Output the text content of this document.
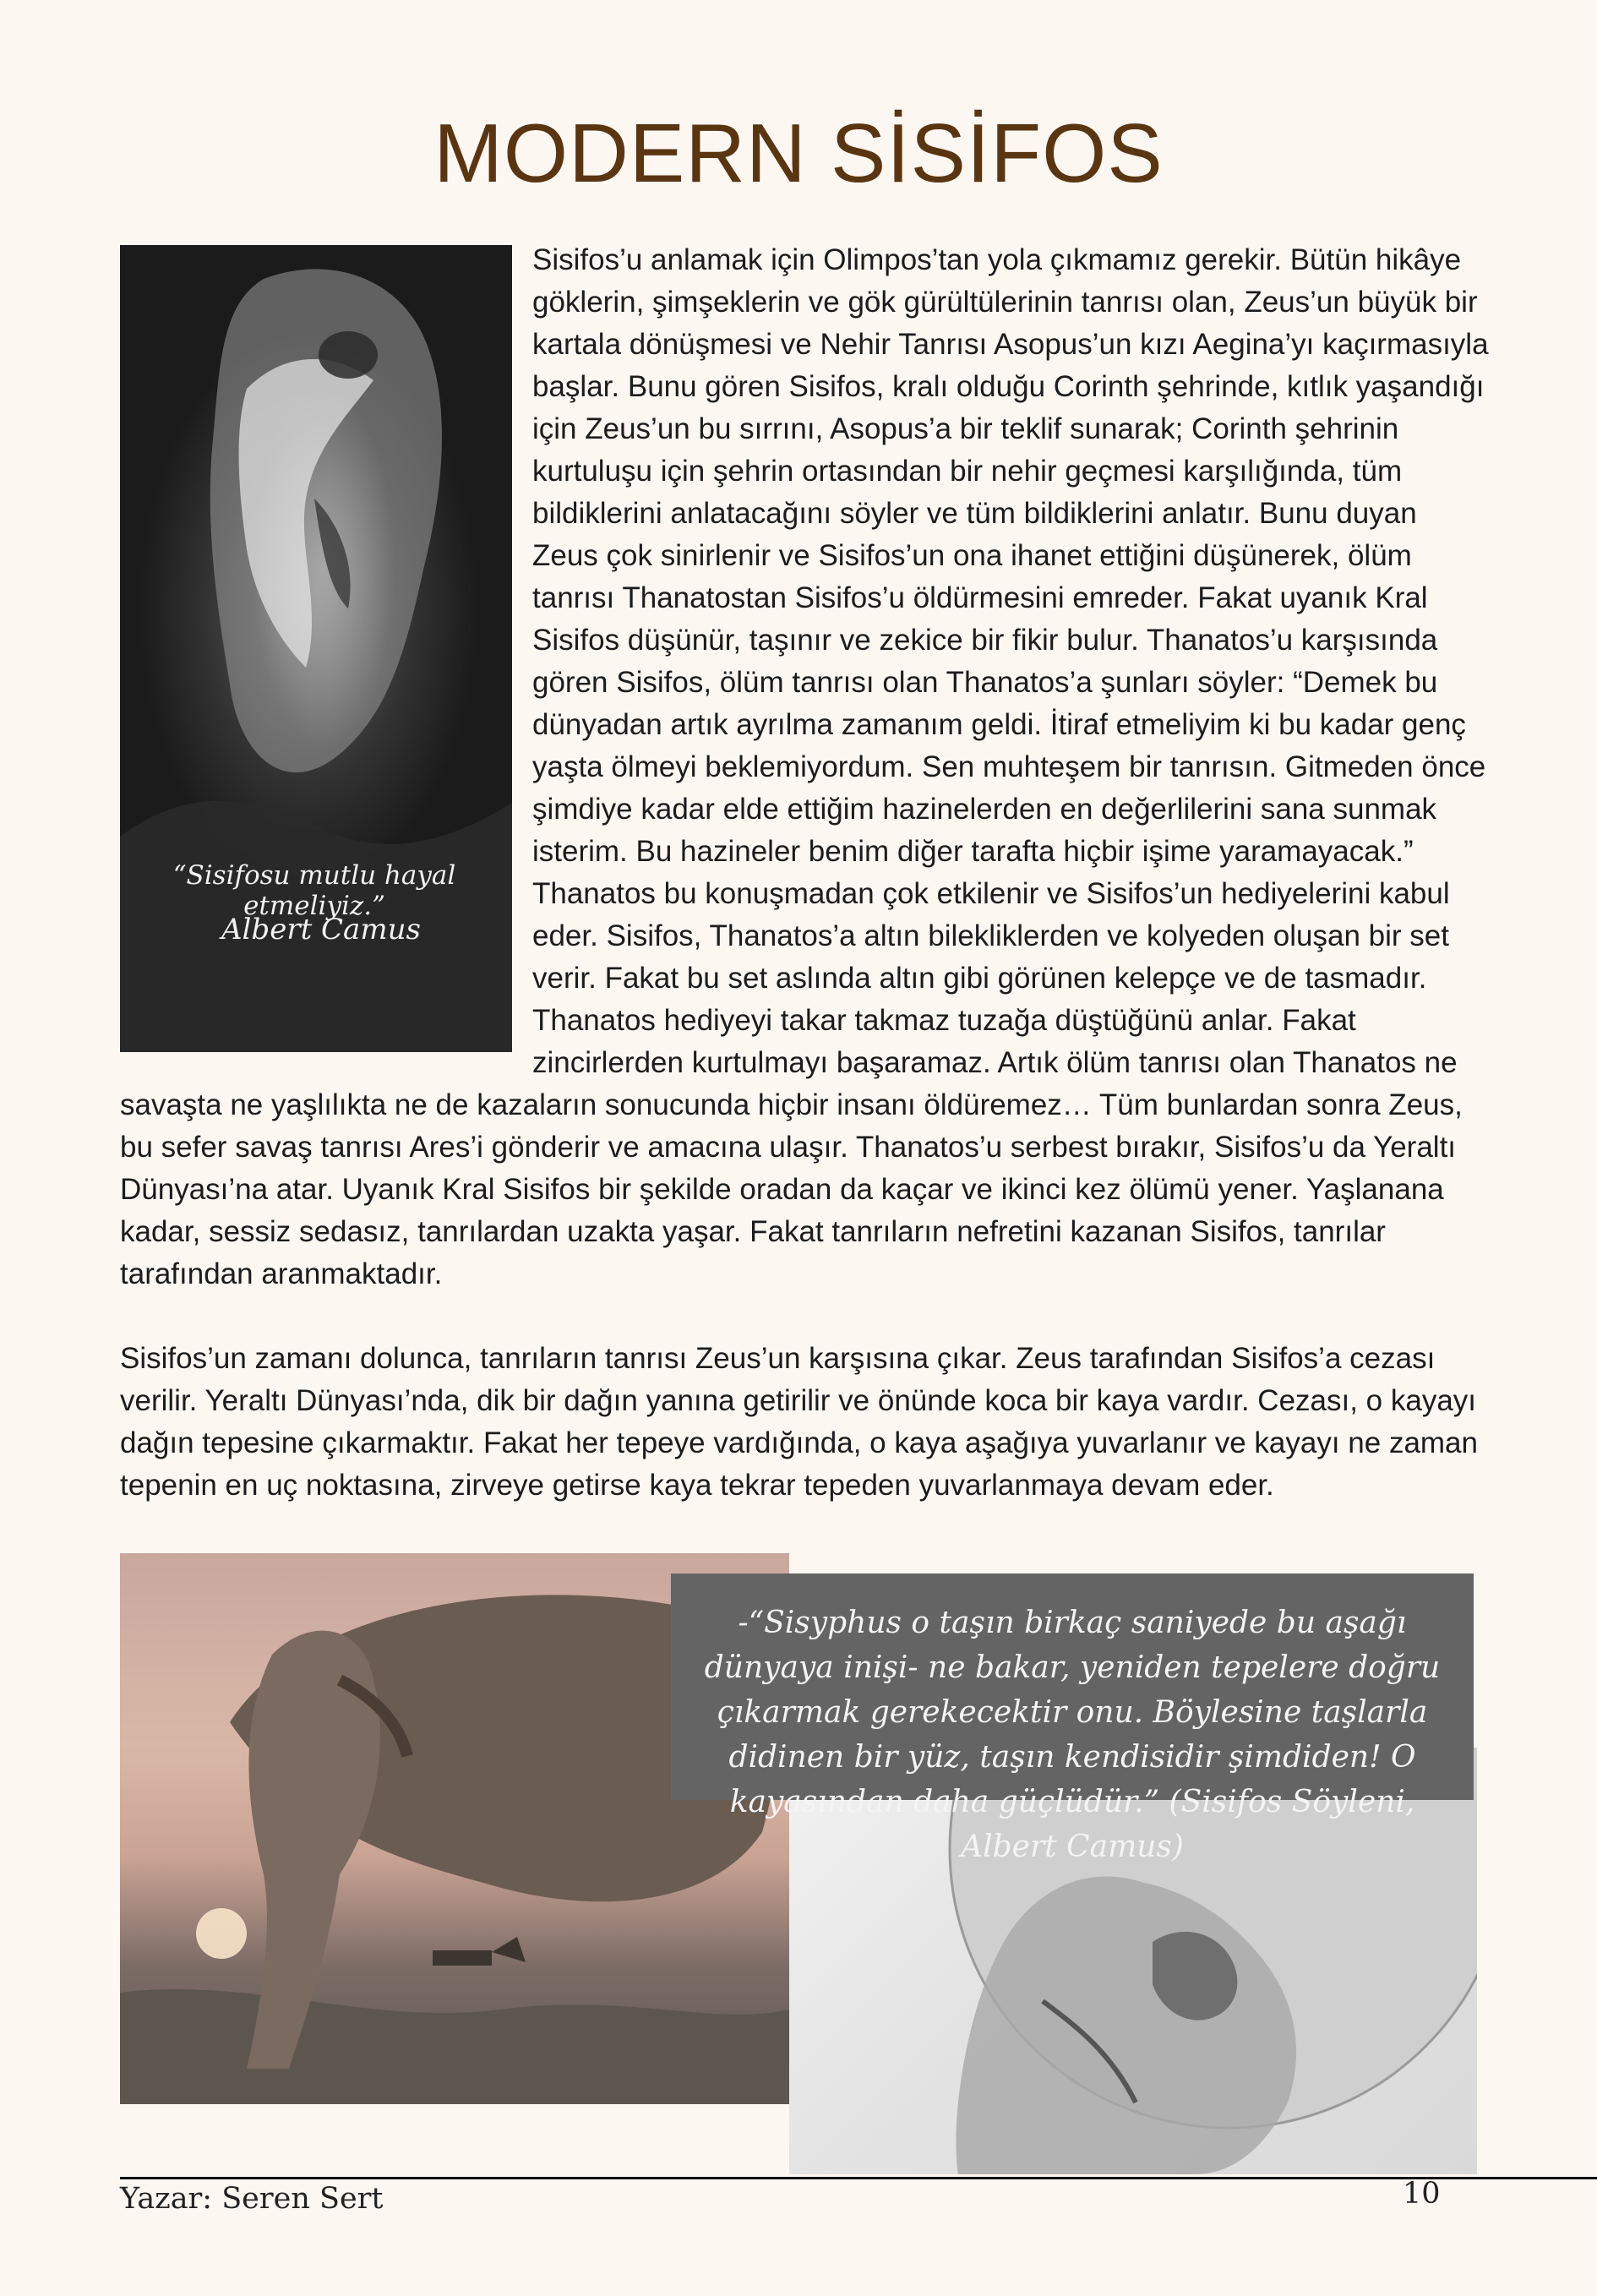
MODERN SİSİFOS
“Sisifosu mutlu hayal etmeliyiz.”
Albert Camus
Sisifos’u anlamak için Olimpos’tan yola çıkmamız gerekir. Bütün hikâye göklerin, şimşeklerin ve gök gürültülerinin tanrısı olan, Zeus’un büyük bir kartala dönüşmesi ve Nehir Tanrısı Asopus’un kızı Aegina’yı kaçırmasıyla başlar. Bunu gören Sisifos, kralı olduğu Corinth şehrinde, kıtlık yaşandığı için Zeus’un bu sırrını, Asopus’a bir teklif sunarak; Corinth şehrinin kurtuluşu için şehrin ortasından bir nehir geçmesi karşılığında, tüm bildiklerini anlatacağını söyler ve tüm bildiklerini anlatır. Bunu duyan Zeus çok sinirlenir ve Sisifos’un ona ihanet ettiğini düşünerek, ölüm tanrısı Thanatostan Sisifos’u öldürmesini emreder. Fakat uyanık Kral Sisifos düşünür, taşınır ve zekice bir fikir bulur. Thanatos’u karşısında gören Sisifos, ölüm tanrısı olan Thanatos’a şunları söyler: “Demek bu dünyadan artık ayrılma zamanım geldi. İtiraf etmeliyim ki bu kadar genç yaşta ölmeyi beklemiyordum. Sen muhteşem bir tanrısın. Gitmeden önce şimdiye kadar elde ettiğim hazinelerden en değerlilerini sana sunmak isterim. Bu hazineler benim diğer tarafta hiçbir işime yaramayacak.” Thanatos bu konuşmadan çok etkilenir ve Sisifos’un hediyelerini kabul eder. Sisifos, Thanatos’a altın bilekliklerden ve kolyeden oluşan bir set verir. Fakat bu set aslında altın gibi görünen kelepçe ve de tasmadır. Thanatos hediyeyi takar takmaz tuzağa düştüğünü anlar. Fakat zincirlerden kurtulmayı başaramaz. Artık ölüm tanrısı olan Thanatos ne savaşta ne yaşlılıkta ne de kazaların sonucunda hiçbir insanı öldüremez… Tüm bunlardan sonra Zeus, bu sefer savaş tanrısı Ares’i gönderir ve amacına ulaşır. Thanatos’u serbest bırakır, Sisifos’u da Yeraltı Dünyası’na atar. Uyanık Kral Sisifos bir şekilde oradan da kaçar ve ikinci kez ölümü yener. Yaşlanana kadar, sessiz sedasız, tanrılardan uzakta yaşar. Fakat tanrıların nefretini kazanan Sisifos, tanrılar tarafından aranmaktadır.

Sisifos’un zamanı dolunca, tanrıların tanrısı Zeus’un karşısına çıkar. Zeus tarafından Sisifos’a cezası verilir. Yeraltı Dünyası’nda, dik bir dağın yanına getirilir ve önünde koca bir kaya vardır. Cezası, o kayayı dağın tepesine çıkarmaktır. Fakat her tepeye vardığında, o kaya aşağıya yuvarlanır ve kayayı ne zaman tepenin en uç noktasına, zirveye getirse kaya tekrar tepeden yuvarlanmaya devam eder.

-“Sisyphus o taşın birkaç saniyede bu aşağı dünyaya inişi- ne bakar, yeniden tepelere doğru çıkarmak gerekecektir onu. Böylesine taşlarla didinen bir yüz, taşın kendisidir şimdiden! O kayasından daha güçlüdür.” (Sisifos Söyleni, Albert Camus)
Yazar: Seren Sert	10
